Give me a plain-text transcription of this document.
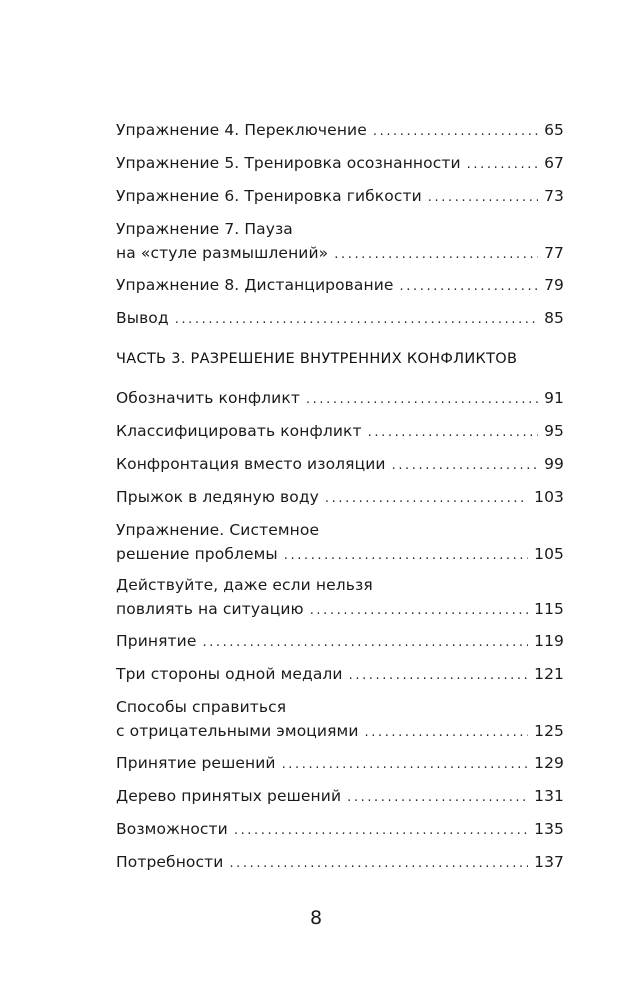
Упражнение 4. Переключение .....	65
Упражнение 5. Тренировка осознанности .....	67
Упражнение 6. Тренировка гибкости .....	73
Упражнение 7. Пауза
на «стуле размышлений» .....	77
Упражнение 8. Дистанцирование .....	79
Вывод .....	85
ЧАСТЬ 3. РАЗРЕШЕНИЕ ВНУТРЕННИХ КОНФЛИКТОВ
Обозначить конфликт .....	91
Классифицировать конфликт .....	95
Конфронтация вместо изоляции .....	99
Прыжок в ледяную воду .....	103
Упражнение. Системное
решение проблемы .....	105
Действуйте, даже если нельзя
повлиять на ситуацию .....	115
Принятие .....	119
Три стороны одной медали .....	121
Способы справиться
с отрицательными эмоциями .....	125
Принятие решений .....	129
Дерево принятых решений .....	131
Возможности .....	135
Потребности .....	137
8
